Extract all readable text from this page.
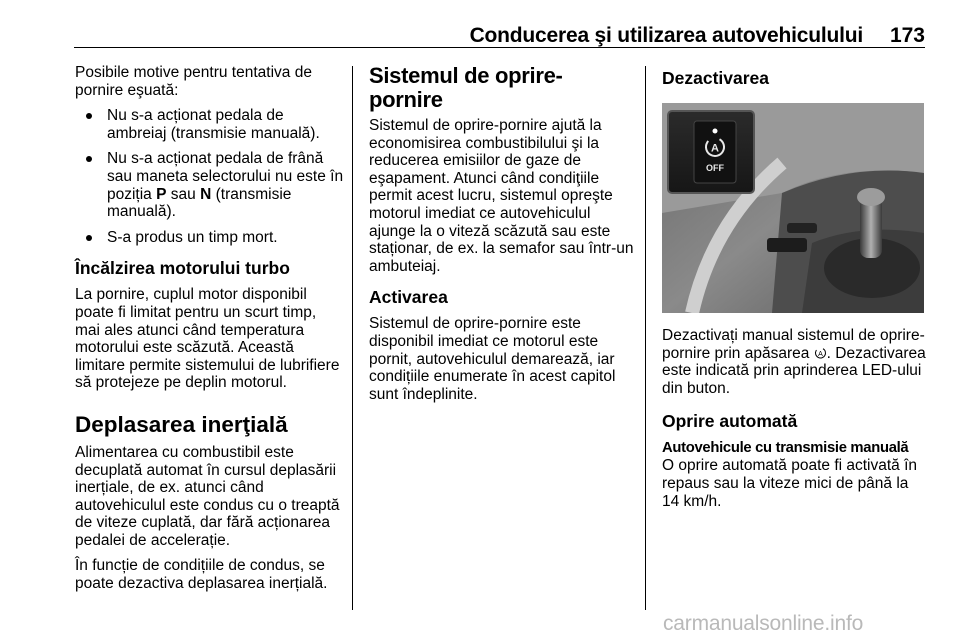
Conducerea şi utilizarea autovehiculului 173

Posibile motive pentru tentativa de pornire eşuată:

Nu s-a acționat pedala de ambreiaj (transmisie manuală).
Nu s-a acționat pedala de frână sau maneta selectorului nu este în poziția P sau N (transmisie manuală).
S-a produs un timp mort.
Încălzirea motorului turbo

La pornire, cuplul motor disponibil poate fi limitat pentru un scurt timp, mai ales atunci când temperatura motorului este scăzută. Această limitare permite sistemului de lubrifiere să protejeze pe deplin motorul.

Deplasarea inerţială

Alimentarea cu combustibil este decuplată automat în cursul deplasării inerțiale, de ex. atunci când autovehiculul este condus cu o treaptă de viteze cuplată, dar fără acționarea pedalei de accelerație.

În funcție de condițiile de condus, se poate dezactiva deplasarea inerțială.

Sistemul de oprire-pornire

Sistemul de oprire-pornire ajută la economisirea combustibilului şi la reducerea emisiilor de gaze de eşapament. Atunci când condiţiile permit acest lucru, sistemul opreşte motorul imediat ce autovehiculul ajunge la o viteză scăzută sau este staționar, de ex. la semafor sau într-un ambuteiaj.

Activarea

Sistemul de oprire-pornire este disponibil imediat ce motorul este pornit, autovehiculul demarează, iar condițiile enumerate în acest capitol sunt îndeplinite.

Dezactivarea
A
OFF

Dezactivați manual sistemul de oprire-pornire prin apăsarea A . Dezactivarea este indicată prin aprinderea LED-ului din buton.

Oprire automată
Autovehicule cu transmisie manuală

O oprire automată poate fi activată în repaus sau la viteze mici de până la 14 km/h.

carmanualsonline.info
